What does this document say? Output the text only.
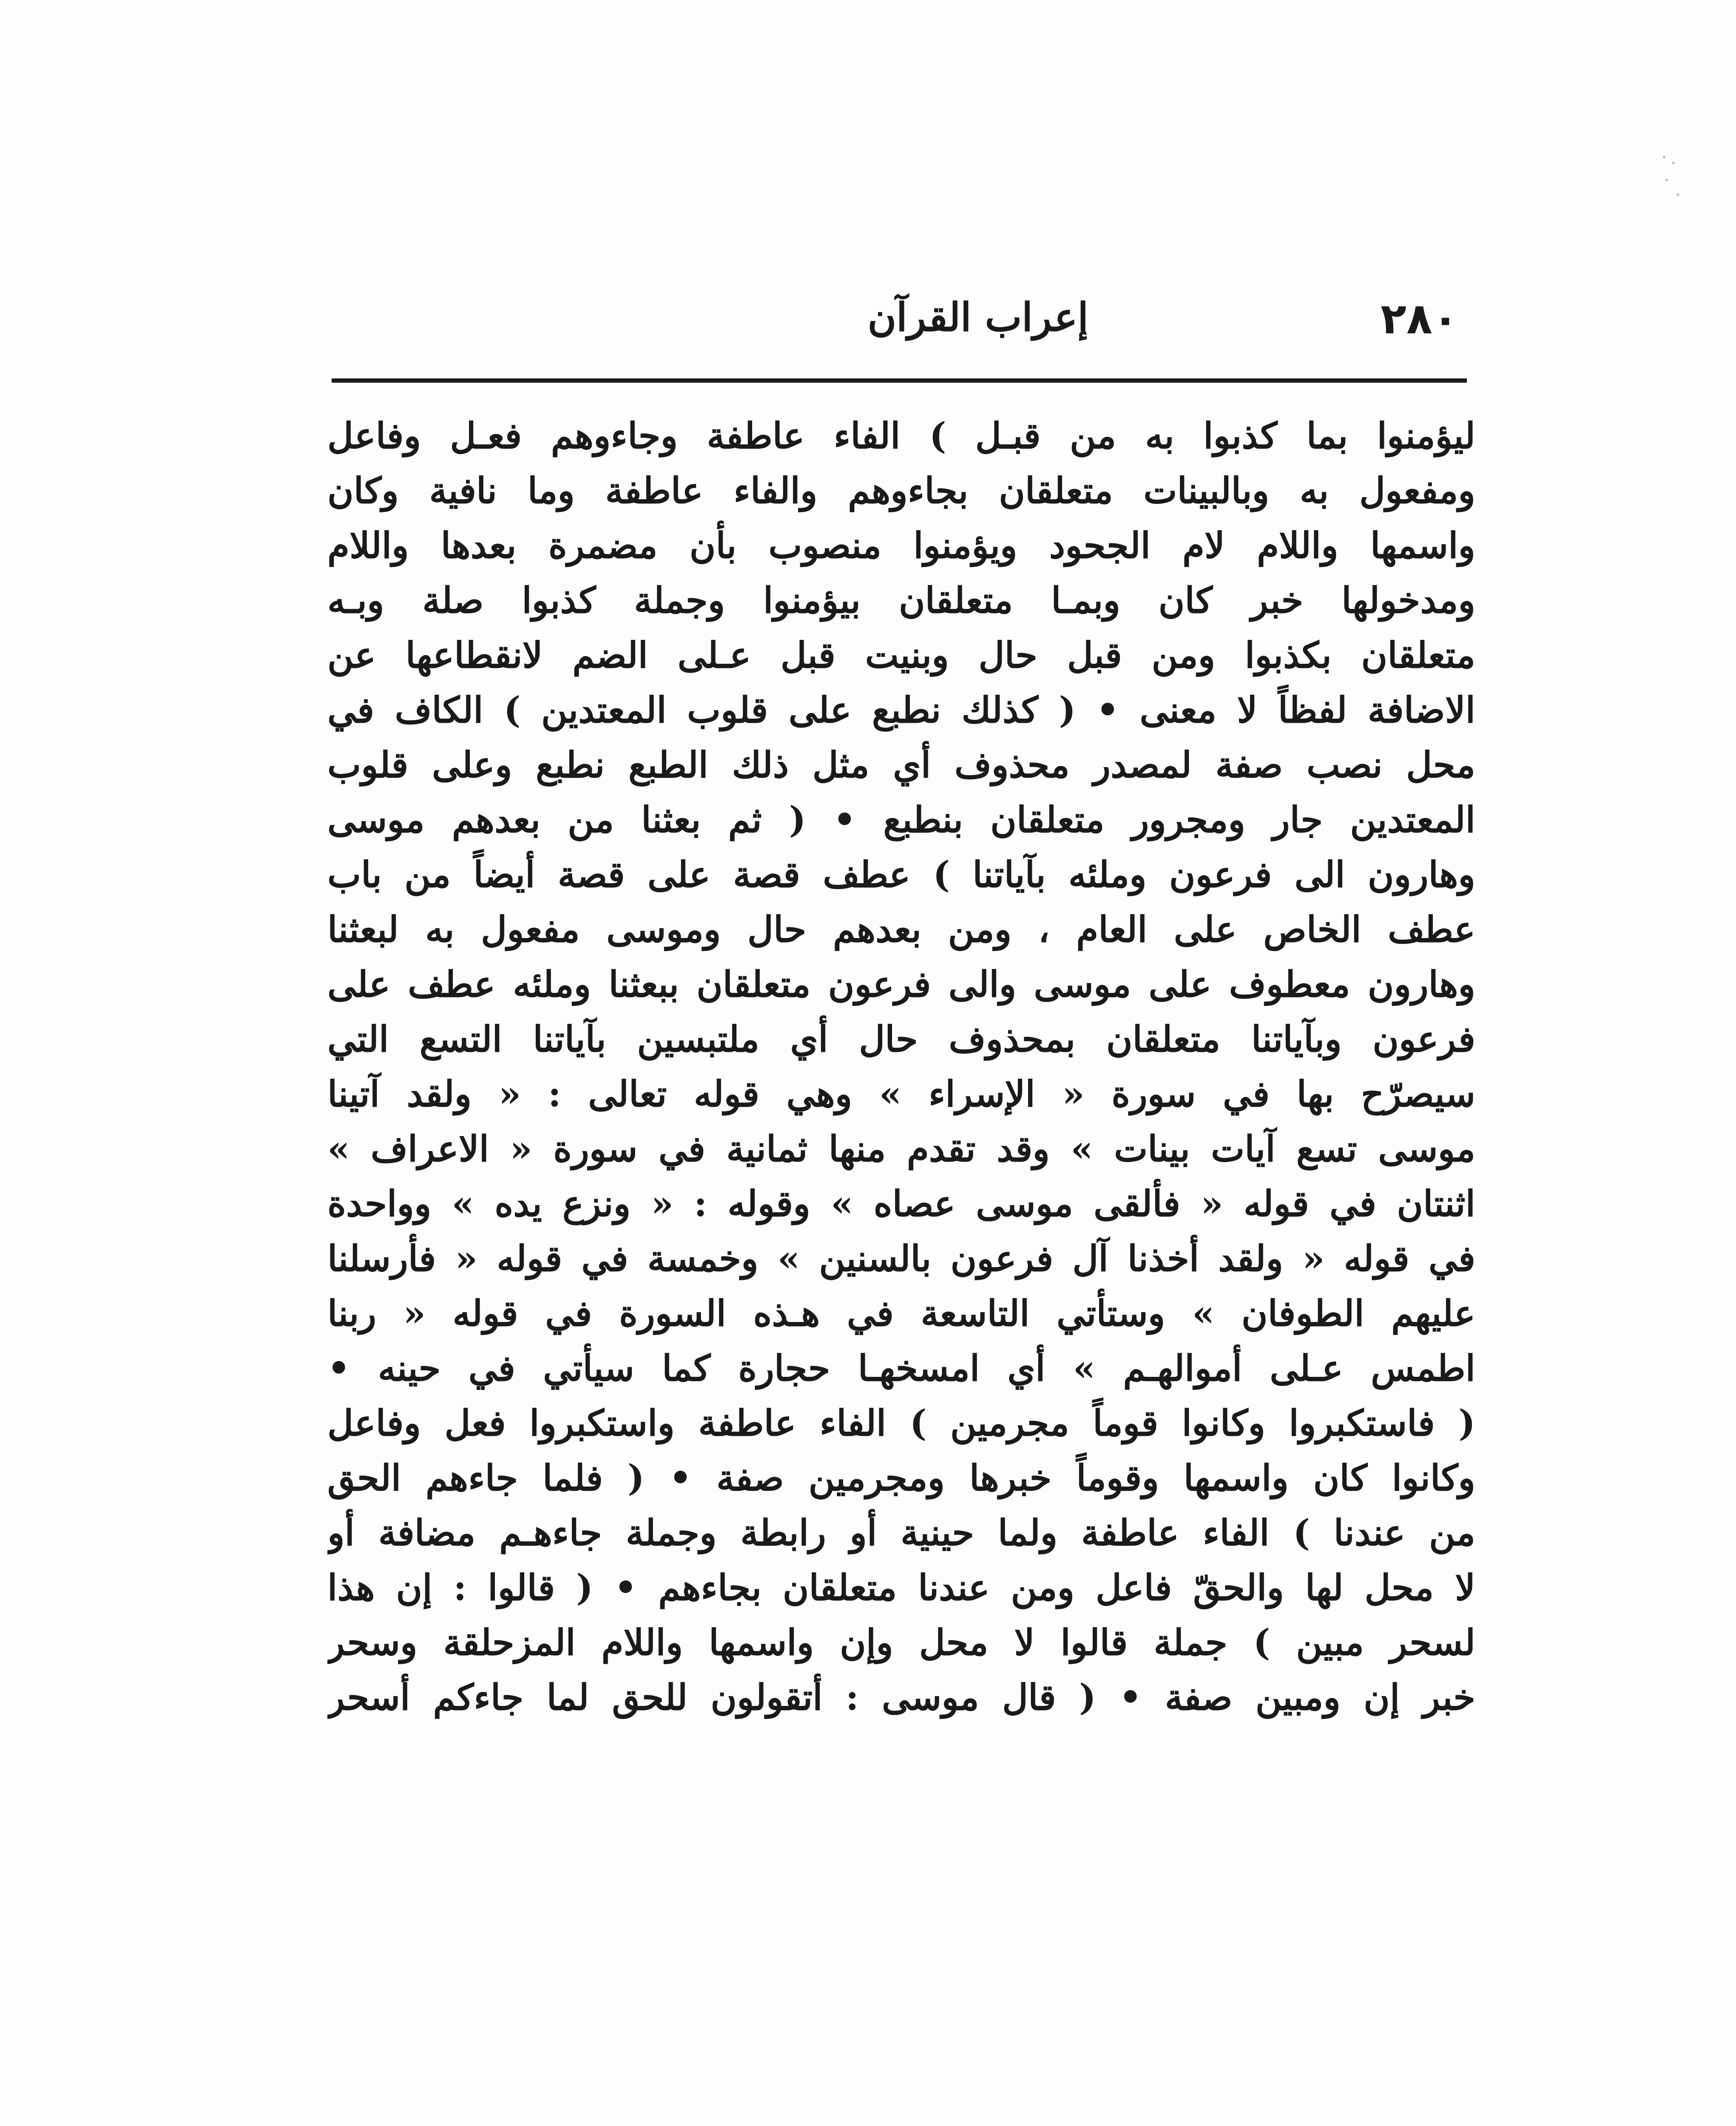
٢٨٠
إعراب القرآن
ليؤمنوا بما كذبوا به من قبـل ) الفاء عاطفة وجاءوهم فعـل وفاعل
ومفعول به وبالبينات متعلقان بجاءوهم والفاء عاطفة وما نافية وكان
واسمها واللام لام الجحود ويؤمنوا منصوب بأن مضمرة بعدها واللام
ومدخولها خبر كان وبمـا متعلقان بيؤمنوا وجملة كذبوا صلة وبـه
متعلقان بكذبوا ومن قبل حال وبنيت قبل عـلى الضم لانقطاعها عن
الاضافة لفظاً لا معنى • ( كذلك نطبع على قلوب المعتدين ) الكاف في
محل نصب صفة لمصدر محذوف أي مثل ذلك الطبع نطبع وعلى قلوب
المعتدين جار ومجرور متعلقان بنطبع • ( ثم بعثنا من بعدهم موسى
وهارون الى فرعون وملئه بآياتنا ) عطف قصة على قصة أيضاً من باب
عطف الخاص على العام ، ومن بعدهم حال وموسى مفعول به لبعثنا
وهارون معطوف على موسى والى فرعون متعلقان ببعثنا وملئه عطف على
فرعون وبآياتنا متعلقان بمحذوف حال أي ملتبسين بآياتنا التسع التي
سيصرّح بها في سورة « الإسراء » وهي قوله تعالى : « ولقد آتينا
موسى تسع آيات بينات » وقد تقدم منها ثمانية في سورة « الاعراف »
اثنتان في قوله « فألقى موسى عصاه » وقوله : « ونزع يده » وواحدة
في قوله « ولقد أخذنا آل فرعون بالسنين » وخمسة في قوله « فأرسلنا
عليهم الطوفان » وستأتي التاسعة في هـذه السورة في قوله « ربنا
اطمس عـلى أموالهـم » أي امسخهـا حجارة كما سيأتي في حينه •
( فاستكبروا وكانوا قوماً مجرمين ) الفاء عاطفة واستكبروا فعل وفاعل
وكانوا كان واسمها وقوماً خبرها ومجرمين صفة • ( فلما جاءهم الحق
من عندنا ) الفاء عاطفة ولما حينية أو رابطة وجملة جاءهـم مضافة أو
لا محل لها والحقّ فاعل ومن عندنا متعلقان بجاءهم • ( قالوا : إن هذا
لسحر مبين ) جملة قالوا لا محل وإن واسمها واللام المزحلقة وسحر
خبر إن ومبين صفة • ( قال موسى : أتقولون للحق لما جاءكم أسحر
